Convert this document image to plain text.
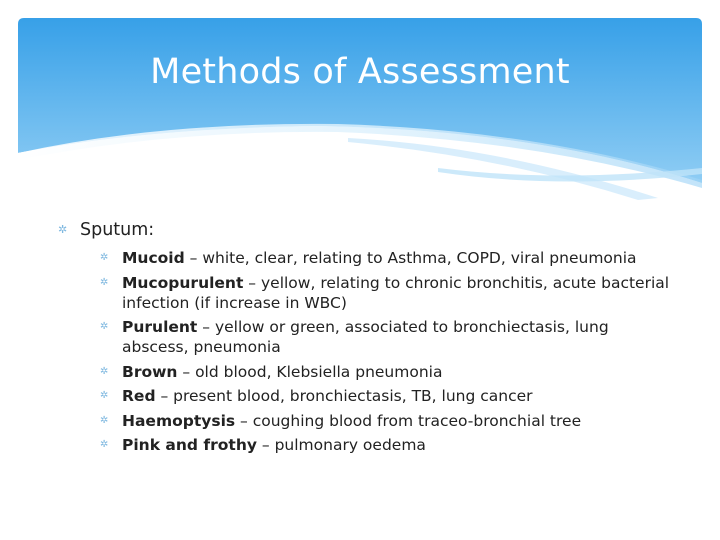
Methods of Assessment
✲ Sputum:
✲ Mucoid – white, clear, relating to Asthma, COPD, viral pneumonia
✲ Mucopurulent – yellow, relating to chronic bronchitis, acute bacterial infection (if increase in WBC)
✲ Purulent – yellow or green, associated to bronchiectasis, lung abscess, pneumonia
✲ Brown – old blood, Klebsiella pneumonia
✲ Red – present blood, bronchiectasis, TB, lung cancer
✲ Haemoptysis – coughing blood from traceo-bronchial tree
✲ Pink and frothy – pulmonary oedema
